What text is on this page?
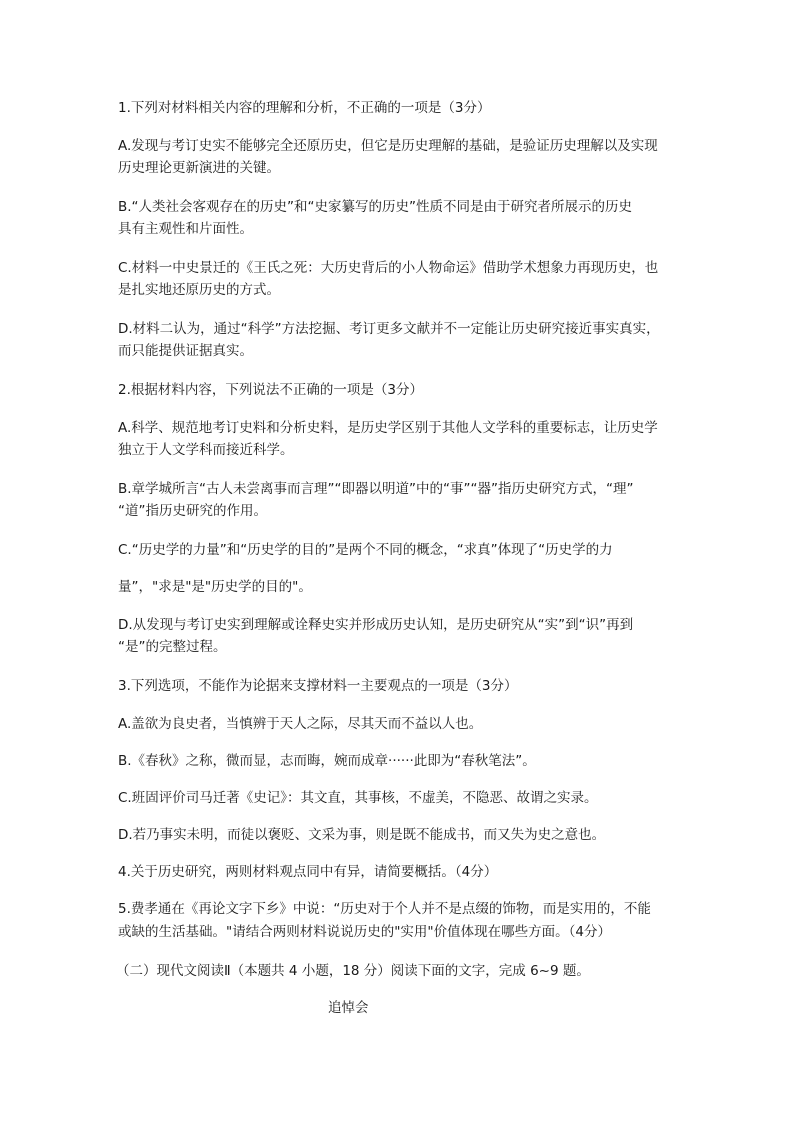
1.下列对材料相关内容的理解和分析，不正确的一项是（3分）
A.发现与考订史实不能够完全还原历史，但它是历史理解的基础，是验证历史理解以及实现
历史理论更新演进的关键。
B.“人类社会客观存在的历史”和“史家纂写的历史”性质不同是由于研究者所展示的历史
具有主观性和片面性。
C.材料一中史景迁的《王氏之死：大历史背后的小人物命运》借助学术想象力再现历史，也
是扎实地还原历史的方式。
D.材料二认为，通过“科学”方法挖掘、考订更多文献并不一定能让历史研究接近事实真实，
而只能提供证据真实。
2.根据材料内容，下列说法不正确的一项是（3分）
A.科学、规范地考订史料和分析史料，是历史学区别于其他人文学科的重要标志，让历史学
独立于人文学科而接近科学。
B.章学城所言“古人未尝离事而言理”“即器以明道”中的“事”“器”指历史研究方式，“理”
“道”指历史研究的作用。
C.“历史学的力量”和“历史学的目的”是两个不同的概念，“求真”体现了“历史学的力
量”，"求是"是"历史学的目的"。
D.从发现与考订史实到理解或诠释史实并形成历史认知，是历史研究从“实”到“识”再到
“是”的完整过程。
3.下列选项，不能作为论据来支撑材料一主要观点的一项是（3分）
A.盖欲为良史者，当慎辨于天人之际，尽其天而不益以人也。
B.《春秋》之称，微而显，志而晦，婉而成章······此即为“春秋笔法”。
C.班固评价司马迁著《史记》：其文直，其事核，不虚美，不隐恶、故谓之实录。
D.若乃事实未明，而徒以褒贬、文采为事，则是既不能成书，而又失为史之意也。
4.关于历史研究，两则材料观点同中有异，请简要概括。（4分）
5.费孝通在《再论文字下乡》中说：“历史对于个人并不是点缀的饰物，而是实用的，不能
或缺的生活基础。"请结合两则材料说说历史的"实用"价值体现在哪些方面。（4分）
（二）现代文阅读Ⅱ（本题共 4 小题，18 分）阅读下面的文字，完成 6~9 题。
追悼会
